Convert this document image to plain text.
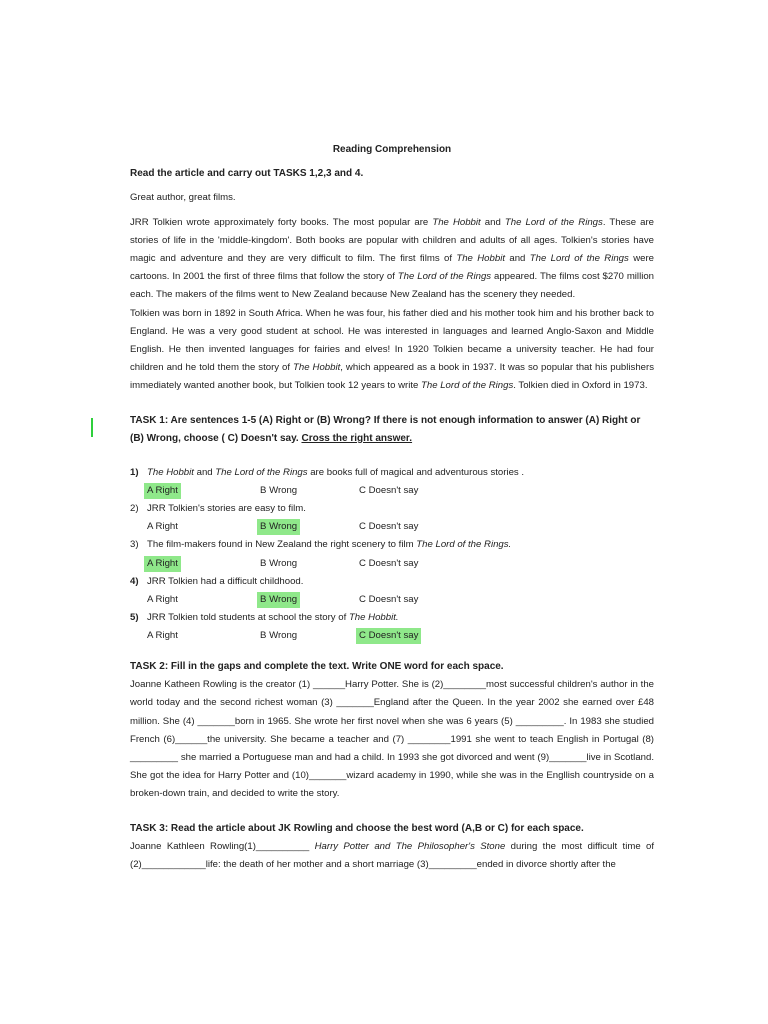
Reading Comprehension

Read the article and carry out TASKS 1,2,3 and 4.

Great author, great films.

JRR Tolkien wrote approximately forty books. The most popular are The Hobbit and The Lord of the Rings. These are stories of life in the 'middle-kingdom'. Both books are popular with children and adults of all ages. Tolkien's stories have magic and adventure and they are very difficult to film. The first films of The Hobbit and The Lord of the Rings were cartoons. In 2001 the first of three films that follow the story of The Lord of the Rings appeared. The films cost $270 million each. The makers of the films went to New Zealand because New Zealand has the scenery they needed.

Tolkien was born in 1892 in South Africa. When he was four, his father died and his mother took him and his brother back to England. He was a very good student at school. He was interested in languages and learned Anglo-Saxon and Middle English. He then invented languages for fairies and elves! In 1920 Tolkien became a university teacher. He had four children and he told them the story of The Hobbit, which appeared as a book in 1937. It was so popular that his publishers immediately wanted another book, but Tolkien took 12 years to write The Lord of the Rings. Tolkien died in Oxford in 1973.

TASK 1: Are sentences 1-5 (A) Right or (B) Wrong? If there is not enough information to answer (A) Right or (B) Wrong, choose ( C) Doesn't say. Cross the right answer.

1) The Hobbit and The Lord of the Rings are books full of magical and adventurous stories .

A Right	B Wrong	C Doesn't say

2) JRR Tolkien's stories are easy to film.

A Right	B Wrong	C Doesn't say

3) The film-makers found in New Zealand the right scenery to film The Lord of the Rings.

A Right	B Wrong	C Doesn't say

4) JRR Tolkien had a difficult childhood.

A Right	B Wrong	C Doesn't say

5) JRR Tolkien told students at school the story of The Hobbit.

A Right	B Wrong	C Doesn't say

TASK 2: Fill in the gaps and complete the text. Write ONE word for each space.

Joanne Katheen Rowling is the creator (1) ______Harry Potter. She is (2)________most successful children's author in the world today and the second richest woman (3) _______England after the Queen. In the year 2002 she earned over £48 million. She (4) _______born in 1965. She wrote her first novel when she was 6 years (5) _________. In 1983 she studied French (6)______the university. She became a teacher and (7) ________1991 she went to teach English in Portugal (8) _________ she married a Portuguese man and had a child. In 1993 she got divorced and went (9)_______live in Scotland. She got the idea for Harry Potter and (10)_______wizard academy in 1990, while she was in the Engllish countryside on a broken-down train, and decided to write the story.

TASK 3: Read the article about JK Rowling and choose the best word (A,B or C) for each space.

Joanne Kathleen Rowling(1)__________ Harry Potter and The Philosopher's Stone during the most difficult time of (2)____________life: the death of her mother and a short marriage (3)_________ended in divorce shortly after the
